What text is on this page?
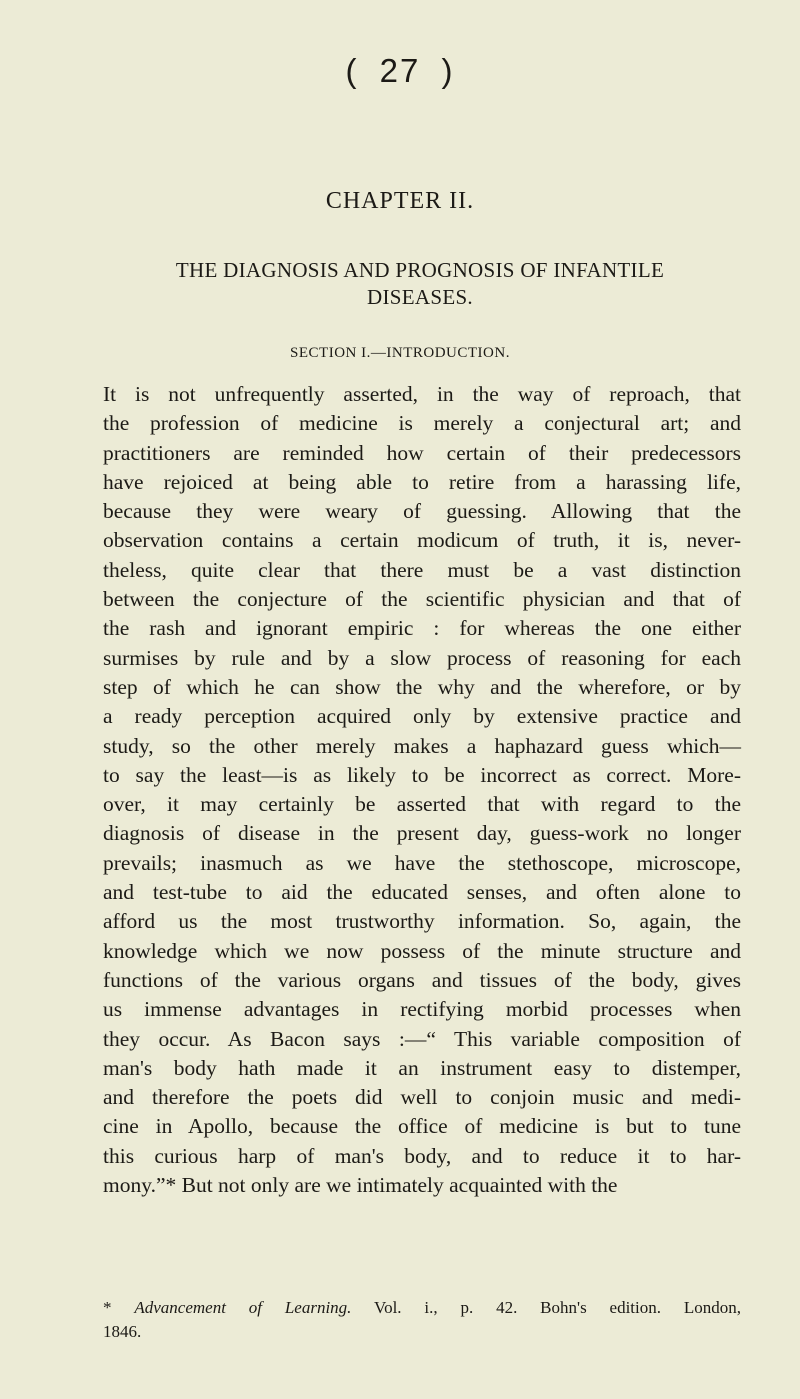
( 27 )
CHAPTER II.
THE DIAGNOSIS AND PROGNOSIS OF INFANTILE DISEASES.
SECTION I.—INTRODUCTION.
It is not unfrequently asserted, in the way of reproach, that
the profession of medicine is merely a conjectural art; and
practitioners are reminded how certain of their predecessors
have rejoiced at being able to retire from a harassing life,
because they were weary of guessing. Allowing that the
observation contains a certain modicum of truth, it is, never-
theless, quite clear that there must be a vast distinction
between the conjecture of the scientific physician and that of
the rash and ignorant empiric : for whereas the one either
surmises by rule and by a slow process of reasoning for each
step of which he can show the why and the wherefore, or by
a ready perception acquired only by extensive practice and
study, so the other merely makes a haphazard guess which—
to say the least—is as likely to be incorrect as correct. More-
over, it may certainly be asserted that with regard to the
diagnosis of disease in the present day, guess-work no longer
prevails; inasmuch as we have the stethoscope, microscope,
and test-tube to aid the educated senses, and often alone to
afford us the most trustworthy information. So, again, the
knowledge which we now possess of the minute structure and
functions of the various organs and tissues of the body, gives
us immense advantages in rectifying morbid processes when
they occur. As Bacon says :—“ This variable composition of
man's body hath made it an instrument easy to distemper,
and therefore the poets did well to conjoin music and medi-
cine in Apollo, because the office of medicine is but to tune
this curious harp of man's body, and to reduce it to har-
mony.”* But not only are we intimately acquainted with the
* Advancement of Learning. Vol. i., p. 42. Bohn's edition. London,
1846.
